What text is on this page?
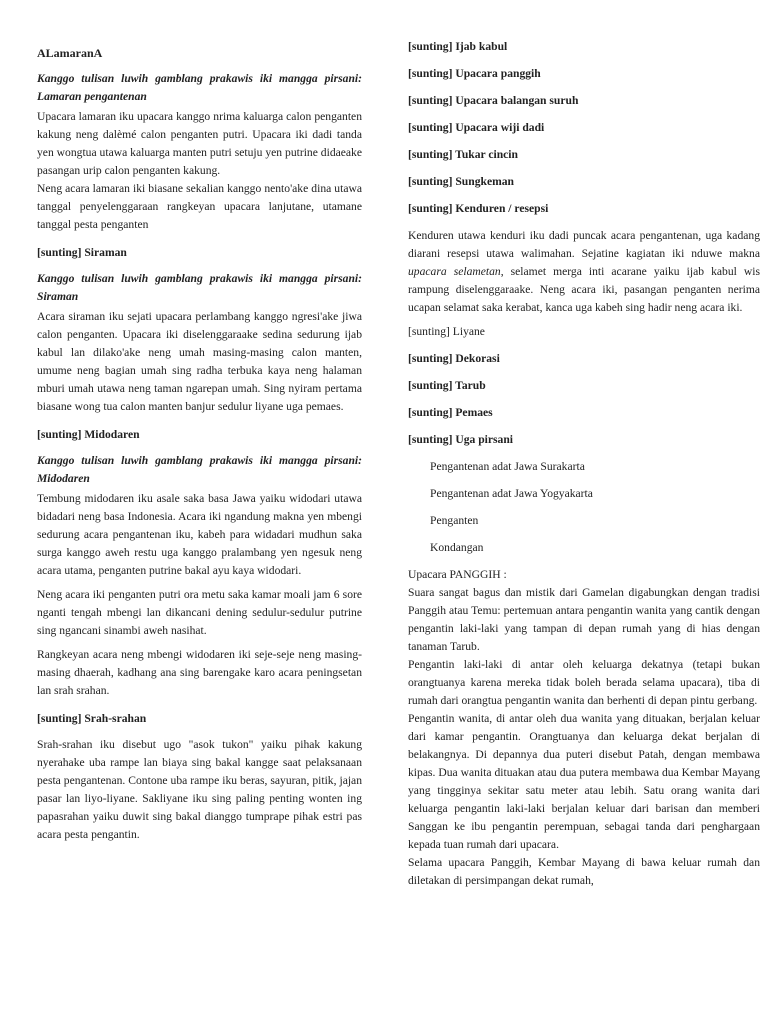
ALamaranA

Kanggo tulisan luwih gamblang prakawis iki mangga pirsani: Lamaran pengantenan

Upacara lamaran iku upacara kanggo nrima kaluarga calon penganten kakung neng dalèmé calon penganten putri. Upacara iki dadi tanda yen wongtua utawa kaluarga manten putri setuju yen putrine didaeake pasangan urip calon penganten kakung.

Neng acara lamaran iki biasane sekalian kanggo nento'ake dina utawa tanggal penyelenggaraan rangkeyan upacara lanjutane, utamane tanggal pesta penganten

[sunting] Siraman

Kanggo tulisan luwih gamblang prakawis iki mangga pirsani: Siraman

Acara siraman iku sejati upacara perlambang kanggo ngresi'ake jiwa calon penganten. Upacara iki diselenggaraake sedina sedurung ijab kabul lan dilako'ake neng umah masing-masing calon manten, umume neng bagian umah sing radha terbuka kaya neng halaman mburi umah utawa neng taman ngarepan umah. Sing nyiram pertama biasane wong tua calon manten banjur sedulur liyane uga pemaes.

[sunting] Midodaren

Kanggo tulisan luwih gamblang prakawis iki mangga pirsani: Midodaren

Tembung midodaren iku asale saka basa Jawa yaiku widodari utawa bidadari neng basa Indonesia. Acara iki ngandung makna yen mbengi sedurung acara pengantenan iku, kabeh para widadari mudhun saka surga kanggo aweh restu uga kanggo pralambang yen ngesuk neng acara utama, penganten putrine bakal ayu kaya widodari.

Neng acara iki penganten putri ora metu saka kamar moali jam 6 sore nganti tengah mbengi lan dikancani dening sedulur-sedulur putrine sing ngancani sinambi aweh nasihat.

Rangkeyan acara neng mbengi widodaren iki seje-seje neng masing-masing dhaerah, kadhang ana sing barengake karo acara peningsetan lan srah srahan.

[sunting] Srah-srahan

Srah-srahan iku disebut ugo "asok tukon" yaiku pihak kakung nyerahake uba rampe lan biaya sing bakal kangge saat pelaksanaan pesta pengantenan. Contone uba rampe iku beras, sayuran, pitik, jajan pasar lan liyo-liyane. Sakliyane iku sing paling penting wonten ing papasrahan yaiku duwit sing bakal dianggo tumprape pihak estri pas acara pesta pengantin.

[sunting] Ijab kabul

[sunting] Upacara panggih

[sunting] Upacara balangan suruh

[sunting] Upacara wiji dadi

[sunting] Tukar cincin

[sunting] Sungkeman

[sunting] Kenduren / resepsi

Kenduren utawa kenduri iku dadi puncak acara pengantenan, uga kadang diarani resepsi utawa walimahan. Sejatine kagiatan iki nduwe makna upacara selametan, selamet merga inti acarane yaiku ijab kabul wis rampung diselenggaraake. Neng acara iki, pasangan penganten nerima ucapan selamat saka kerabat, kanca uga kabeh sing hadir neng acara iki.

[sunting] Liyane

[sunting] Dekorasi

[sunting] Tarub

[sunting] Pemaes

[sunting] Uga pirsani

Pengantenan adat Jawa Surakarta

Pengantenan adat Jawa Yogyakarta

Penganten

Kondangan

Upacara PANGGIH :

Suara sangat bagus dan mistik dari Gamelan digabungkan dengan tradisi Panggih atau Temu: pertemuan antara pengantin wanita yang cantik dengan pengantin laki-laki yang tampan di depan rumah yang di hias dengan tanaman Tarub.

Pengantin laki-laki di antar oleh keluarga dekatnya (tetapi bukan orangtuanya karena mereka tidak boleh berada selama upacara), tiba di rumah dari orangtua pengantin wanita dan berhenti di depan pintu gerbang.

Pengantin wanita, di antar oleh dua wanita yang dituakan, berjalan keluar dari kamar pengantin. Orangtuanya dan keluarga dekat berjalan di belakangnya. Di depannya dua puteri disebut Patah, dengan membawa kipas. Dua wanita dituakan atau dua putera membawa dua Kembar Mayang yang tingginya sekitar satu meter atau lebih. Satu orang wanita dari keluarga pengantin laki-laki berjalan keluar dari barisan dan memberi Sanggan ke ibu pengantin perempuan, sebagai tanda dari penghargaan kepada tuan rumah dari upacara.

Selama upacara Panggih, Kembar Mayang di bawa keluar rumah dan diletakan di persimpangan dekat rumah,
